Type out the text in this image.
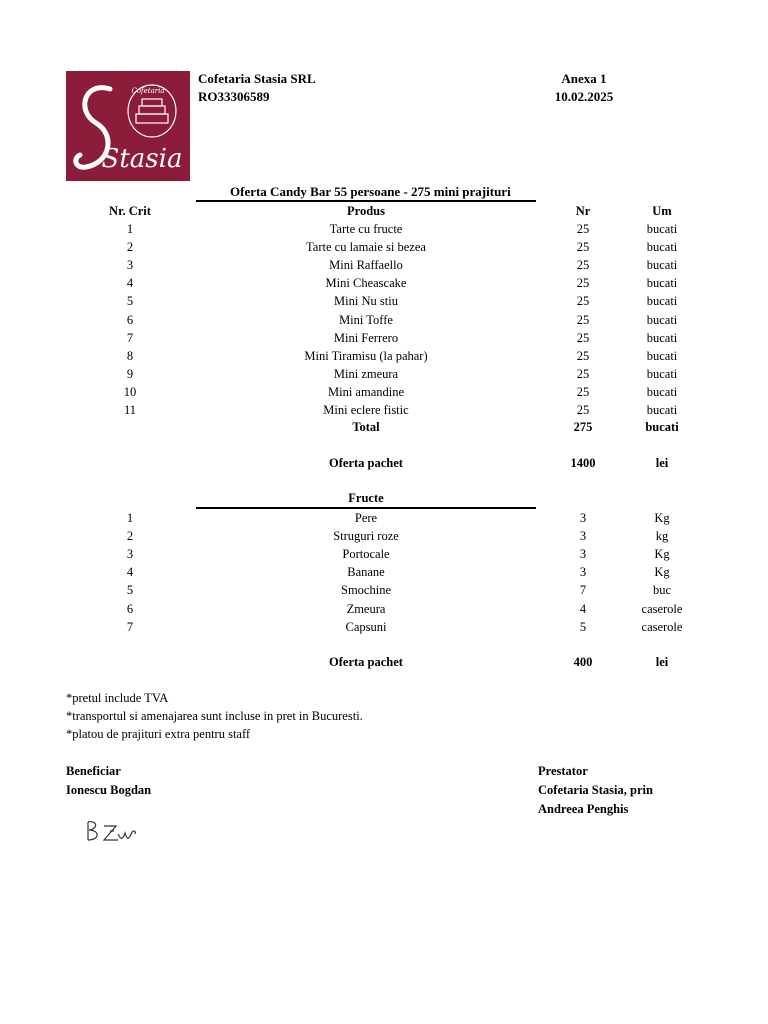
Cofetaria
Stasia
Cofetaria Stasia SRL
RO33306589
Anexa 1
10.02.2025
Oferta Candy Bar 55 persoane - 275 mini prajituri
Nr. Crit	Produs	Nr	Um
1	Tarte cu fructe	25	bucati
2	Tarte cu lamaie si bezea	25	bucati
3	Mini Raffaello	25	bucati
4	Mini Cheascake	25	bucati
5	Mini Nu stiu	25	bucati
6	Mini Toffe	25	bucati
7	Mini Ferrero	25	bucati
8	Mini Tiramisu (la pahar)	25	bucati
9	Mini zmeura	25	bucati
10	Mini amandine	25	bucati
11	Mini eclere fistic	25	bucati
Total	275	bucati
Oferta pachet	1400	lei
Fructe
1	Pere	3	Kg
2	Struguri roze	3	kg
3	Portocale	3	Kg
4	Banane	3	Kg
5	Smochine	7	buc
6	Zmeura	4	caserole
7	Capsuni	5	caserole
Oferta pachet	400	lei
*pretul include TVA
*transportul si amenajarea sunt incluse in pret in Bucuresti.
*platou de prajituri extra pentru staff
Beneficiar
Ionescu Bogdan
Prestator
Cofetaria Stasia, prin
Andreea Penghis
